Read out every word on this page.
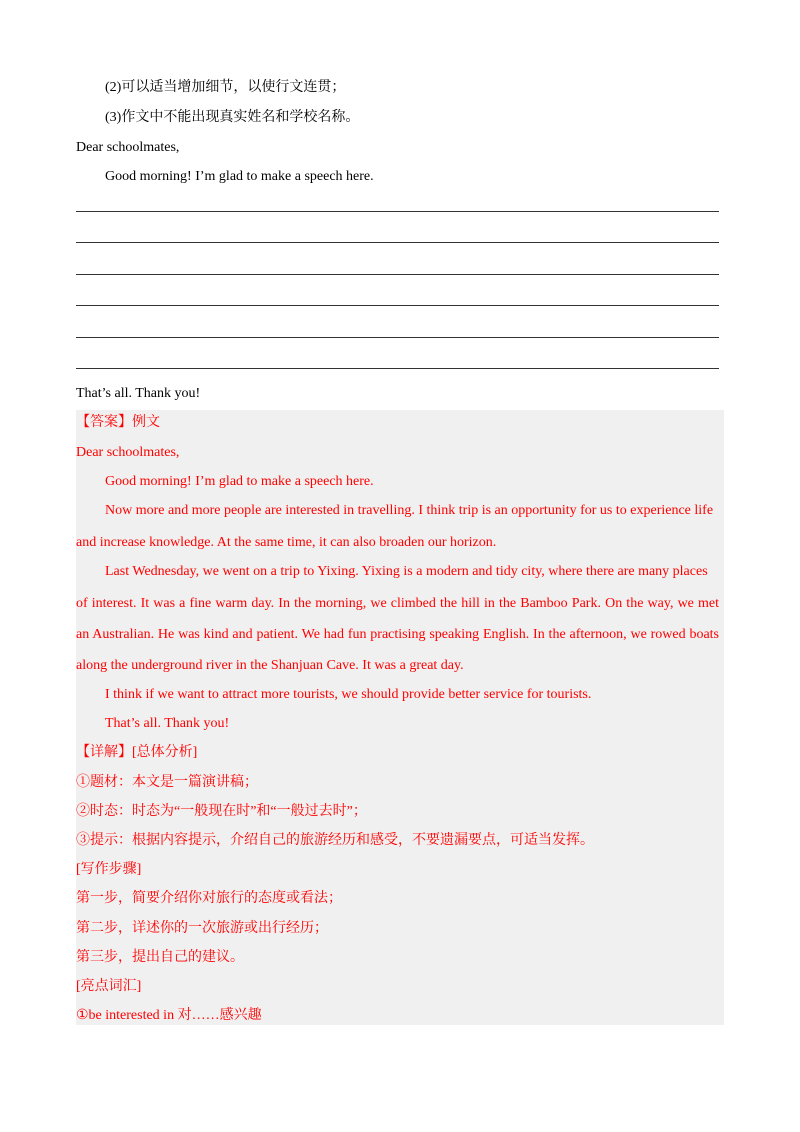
(2)可以适当增加细节，以使行文连贯；
(3)作文中不能出现真实姓名和学校名称。
Dear schoolmates,
Good morning! I’m glad to make a speech here.
That’s all. Thank you!
【答案】例文
Dear schoolmates,
Good morning! I’m glad to make a speech here.
Now more and more people are interested in travelling. I think trip is an opportunity for us to experience life
and increase knowledge. At the same time, it can also broaden our horizon.
Last Wednesday, we went on a trip to Yixing. Yixing is a modern and tidy city, where there are many places
of interest. It was a fine warm day. In the morning, we climbed the hill in the Bamboo Park. On the way, we met
an Australian. He was kind and patient. We had fun practising speaking English. In the afternoon, we rowed boats
along the underground river in the Shanjuan Cave. It was a great day.
I think if we want to attract more tourists, we should provide better service for tourists.
That’s all. Thank you!
【详解】[总体分析]
①题材：本文是一篇演讲稿；
②时态：时态为“一般现在时”和“一般过去时”；
③提示：根据内容提示，介绍自己的旅游经历和感受，不要遗漏要点，可适当发挥。
[写作步骤]
第一步，简要介绍你对旅行的态度或看法；
第二步，详述你的一次旅游或出行经历；
第三步，提出自己的建议。
[亮点词汇]
①be interested in 对……感兴趣
